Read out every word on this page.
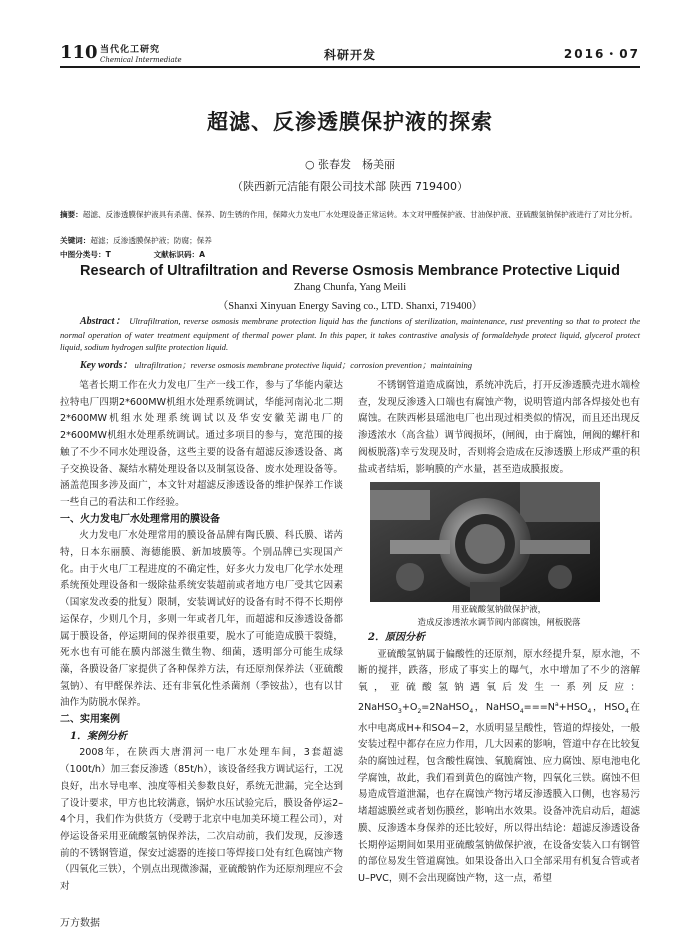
110 当代化工研究
Chemical Intermediate	科研开发	2016・07
超滤、反渗透膜保护液的探索
○ 张春发　杨美丽
（陕西新元洁能有限公司技术部 陕西 719400）
摘要：超滤、反渗透膜保护液具有杀菌、保养、防生锈的作用，保障火力发电厂水处理设备正常运转。本文对甲醛保护液、甘油保护液、亚硫酸氢钠保护液进行了对比分析。
关键词：超滤；反渗透膜保护液；防腐；保养
中图分类号：T	文献标识码：A
Research of Ultrafiltration and Reverse Osmosis Membrance Protective Liquid
Zhang Chunfa, Yang Meili
（Shanxi Xinyuan Energy Saving co., LTD. Shanxi, 719400）
Abstract： Ultrafiltration, reverse osmosis membrane protection liquid has the functions of sterilization, maintenance, rust preventing so that to protect the normal operation of water treatment equipment of thermal power plant. In this paper, it takes contrastive analysis of formaldehyde protect liquid, glycerol protect liquid, sodium hydrogen sulfite protection liquid.
Key words： ultrafiltration；reverse osmosis membrane protective liquid；corrosion prevention；maintaining

笔者长期工作在火力发电厂生产一线工作，参与了华能内蒙达拉特电厂四期2*600MW机组水处理系统调试，华能河南沁北二期2*600MW机组水处理系统调试以及华安安徽芜湖电厂的2*600MW机组水处理系统调试。通过多项目的参与，宽范围的接触了不少不同水处理设备，这些主要的设备有超滤反渗透设备、离子交换设备、凝结水精处理设备以及制氢设备、废水处理设备等。涵盖范围多涉及面广，本文针对超滤反渗透设备的维护保养工作谈一些自己的看法和工作经验。

一、火力发电厂水处理常用的膜设备

火力发电厂水处理常用的膜设备品牌有陶氏膜、科氏膜、诺芮特，日本东丽膜、海德能膜、新加坡膜等。个别品牌已实现国产化。由于火电厂工程进度的不确定性，好多火力发电厂化学水处理系统预处理设备和一级除盐系统安装超前或者地方电厂受其它因素（国家发改委的批复）限制，安装调试好的设备有时不得不长期停运保存，少则几个月，多则一年或者几年，而超滤和反渗透设备都属于膜设备，停运期间的保养很重要，脱水了可能造成膜干裂缝，死水也有可能在膜内部滋生微生物、细菌，透明部分可能生成绿藻，各膜设备厂家提供了各种保养方法，有还原剂保养法（亚硫酸氢钠）、有甲醛保养法、还有非氧化性杀菌剂（季铵盐），也有以甘油作为防脱水保养。

二、实用案例
1．案例分析

2008年，在陕西大唐渭河一电厂水处理车间，3套超滤（100t/h）加三套反渗透（85t/h），该设备经我方调试运行，工况良好，出水导电率、浊度等相关参数良好，系统无泄漏，完全达到了设计要求，甲方也比较满意，锅炉水压试验完后，膜设备停运2–4个月，我们作为供货方（受聘于北京中电加美环境工程公司），对停运设备采用亚硫酸氢钠保养法，二次启动前，我们发现，反渗透前的不锈钢管道，保安过滤器的连接口等焊接口处有红色腐蚀产物（四氧化三铁），个别点出现微渗漏，亚硫酸钠作为还原剂理应不会对

不锈钢管道造成腐蚀，系统冲洗后，打开反渗透膜壳进水端检查，发现反渗透入口端也有腐蚀产物，说明管道内部各焊接处也有腐蚀。在陕西彬县瑶池电厂也出现过相类似的情况，而且还出现反渗透浓水（高含盐）调节阀损坏，(闸阀，由于腐蚀，闸阀的螺杆和阀板脱落)幸亏发现及时，否则将会造成在反渗透膜上形成严重的积盐或者结垢，影响膜的产水量，甚至造成膜报废。

用亚硫酸氢钠做保护液，
造成反渗透浓水调节阀内部腐蚀，闸板脱落
2．原因分析

亚硫酸氢钠属于偏酸性的还原剂，原水经提升泵，原水池，不断的搅拌，跌落，形成了事实上的曝气，水中增加了不少的溶解氧，亚硫酸氢钠遇氧后发生一系列反应：$2NaHSO_3+O_2=2NaHSO_4$，$NaHSO_4===N^a+HSO_4$，$HSO_4$在水中电离成H+和SO4−2，水质明显呈酸性，管道的焊接处，一般安装过程中都存在应力作用，几大因素的影响，管道中存在比较复杂的腐蚀过程，包含酸性腐蚀、氧脆腐蚀、应力腐蚀、原电池电化学腐蚀，故此，我们看到黄色的腐蚀产物，四氧化三铁。腐蚀不但易造成管道泄漏，也存在腐蚀产物污堵反渗透膜入口侧，也容易污堵超滤膜丝或者划伤膜丝，影响出水效果。设备冲洗启动后，超滤膜、反渗透本身保养的还比较好，所以得出结论：超滤反渗透设备长期停运期间如果用亚硫酸氢钠做保护液，在设备安装入口有钢管的部位易发生管道腐蚀。如果设备出入口全部采用有机复合管或者U–PVC，则不会出现腐蚀产物，这一点，希望

万方数据
